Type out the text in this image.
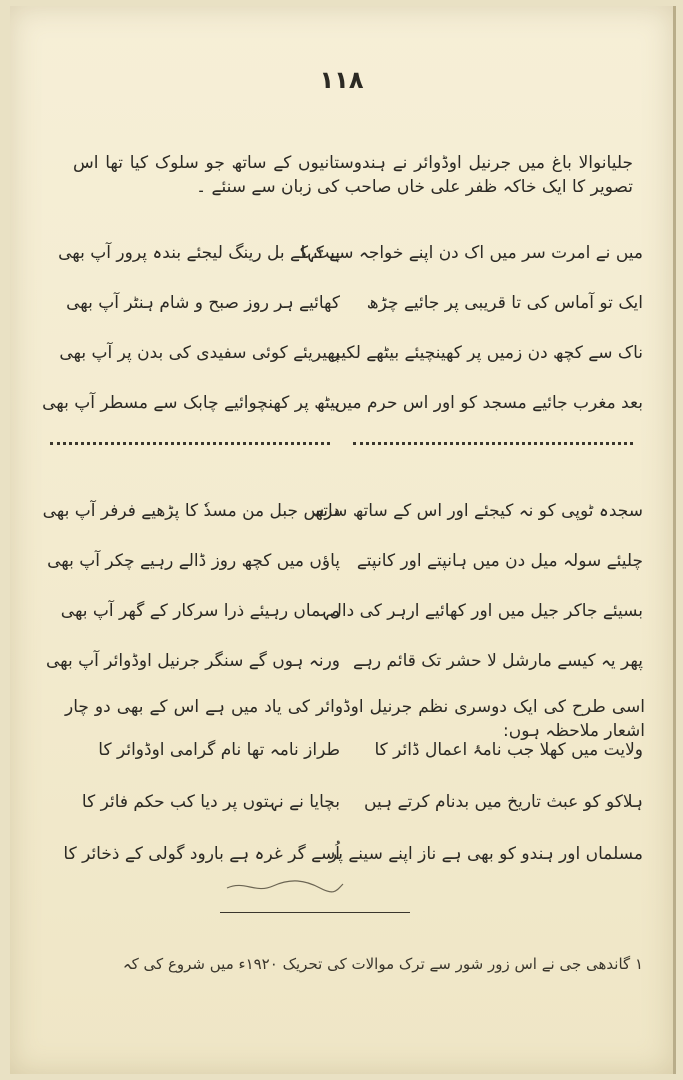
۱۱۸

جلیانوالا باغ میں جرنیل اوڈوائر نے ہندوستانیوں کے ساتھ جو سلوک کیا تھا اس تصویر کا ایک خاکہ ظفر علی خاں صاحب کی زبان سے سنئے ۔

میں نے امرت سر میں اک دن اپنے خواجہ سے کہا
پیٹ کے بل رینگ لیجئے بندہ پرور آپ بھی
ایک تو آماس کی تا قریبی پر جائیے چڑھ
کھائیے ہر روز صبح و شام ہنٹر آپ بھی
ناک سے کچھ دن زمیں پر کھینچیئے بیٹھے لکیر
پھیریئے کوئی سفیدی کی بدن پر آپ بھی
بعد مغرب جائیے مسجد کو اور اس حرم میں
بیٹھ پر کھنچوائیے چابک سے مسطر آپ بھی
سجدہ ٹوپی کو نہ کیجئے اور اس کے ساتھ ساتھ
درس جبل من مسدٗ کا پڑھیے فرفر آپ بھی
چلیئے سولہ میل دن میں ہانپتے اور کانپتے
پاؤں میں کچھ روز ڈالے رہیے چکر آپ بھی
بسیئے جاکر جیل میں اور کھائیے ارہر کی دال
مہماں رہیئے ذرا سرکار کے گھر آپ بھی
پھر یہ کیسے مارشل لا حشر تک قائم رہے
ورنہ ہوں گے سنگر جرنیل اوڈوائر آپ بھی

اسی طرح کی ایک دوسری نظم جرنیل اوڈوائر کی یاد میں ہے اس کے بھی دو چار اشعار ملاحظہ ہوں:

ولایت میں کھلا جب نامۂ اعمال ڈائر کا
طراز نامہ تھا نام گرامی اوڈوائر کا
ہلاکو کو عبث تاریخ میں بدنام کرتے ہیں
بچایا نے نہتوں پر دیا کب حکم فائر کا
مسلماں اور ہندو کو بھی ہے ناز اپنے سینے پر
اُسے گر غرہ ہے بارود گولی کے ذخائر کا

۱ گاندھی جی نے اس زور شور سے ترک موالات کی تحریک ۱۹۲۰ء میں شروع کی کہ
